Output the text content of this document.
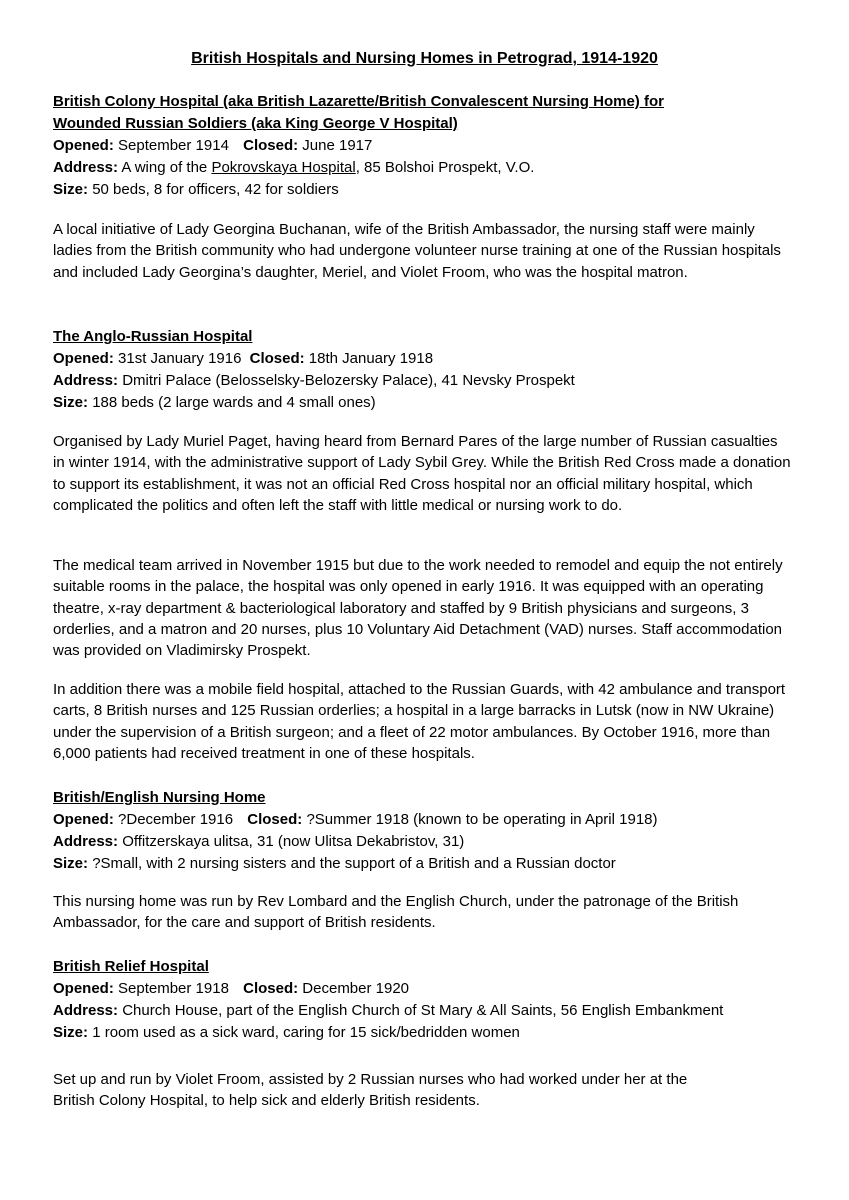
British Hospitals and Nursing Homes in Petrograd, 1914-1920

British Colony Hospital (aka British Lazarette/British Convalescent Nursing Home) for

Wounded Russian Soldiers (aka King George V Hospital)

Opened: September 1914 Closed: June 1917

Address: A wing of the Pokrovskaya Hospital, 85 Bolshoi Prospekt, V.O.

Size: 50 beds, 8 for officers, 42 for soldiers

A local initiative of Lady Georgina Buchanan, wife of the British Ambassador, the nursing staff were mainly ladies from the British community who had undergone volunteer nurse training at one of the Russian hospitals and included Lady Georgina’s daughter, Meriel, and Violet Froom, who was the hospital matron.

The Anglo-Russian Hospital

Opened: 31st January 1916 Closed: 18th January 1918

Address: Dmitri Palace (Belosselsky-Belozersky Palace), 41 Nevsky Prospekt

Size: 188 beds (2 large wards and 4 small ones)

Organised by Lady Muriel Paget, having heard from Bernard Pares of the large number of Russian casualties in winter 1914, with the administrative support of Lady Sybil Grey. While the British Red Cross made a donation to support its establishment, it was not an official Red Cross hospital nor an official military hospital, which complicated the politics and often left the staff with little medical or nursing work to do.

The medical team arrived in November 1915 but due to the work needed to remodel and equip the not entirely suitable rooms in the palace, the hospital was only opened in early 1916. It was equipped with an operating theatre, x-ray department & bacteriological laboratory and staffed by 9 British physicians and surgeons, 3 orderlies, and a matron and 20 nurses, plus 10 Voluntary Aid Detachment (VAD) nurses. Staff accommodation was provided on Vladimirsky Prospekt.

In addition there was a mobile field hospital, attached to the Russian Guards, with 42 ambulance and transport carts, 8 British nurses and 125 Russian orderlies; a hospital in a large barracks in Lutsk (now in NW Ukraine) under the supervision of a British surgeon; and a fleet of 22 motor ambulances. By October 1916, more than 6,000 patients had received treatment in one of these hospitals.

British/English Nursing Home

Opened: ?December 1916 Closed: ?Summer 1918 (known to be operating in April 1918)

Address: Offitzerskaya ulitsa, 31 (now Ulitsa Dekabristov, 31)

Size: ?Small, with 2 nursing sisters and the support of a British and a Russian doctor

This nursing home was run by Rev Lombard and the English Church, under the patronage of the British Ambassador, for the care and support of British residents.

British Relief Hospital

Opened: September 1918 Closed: December 1920

Address: Church House, part of the English Church of St Mary & All Saints, 56 English Embankment

Size: 1 room used as a sick ward, caring for 15 sick/bedridden women

Set up and run by Violet Froom, assisted by 2 Russian nurses who had worked under her at the British Colony Hospital, to help sick and elderly British residents.
